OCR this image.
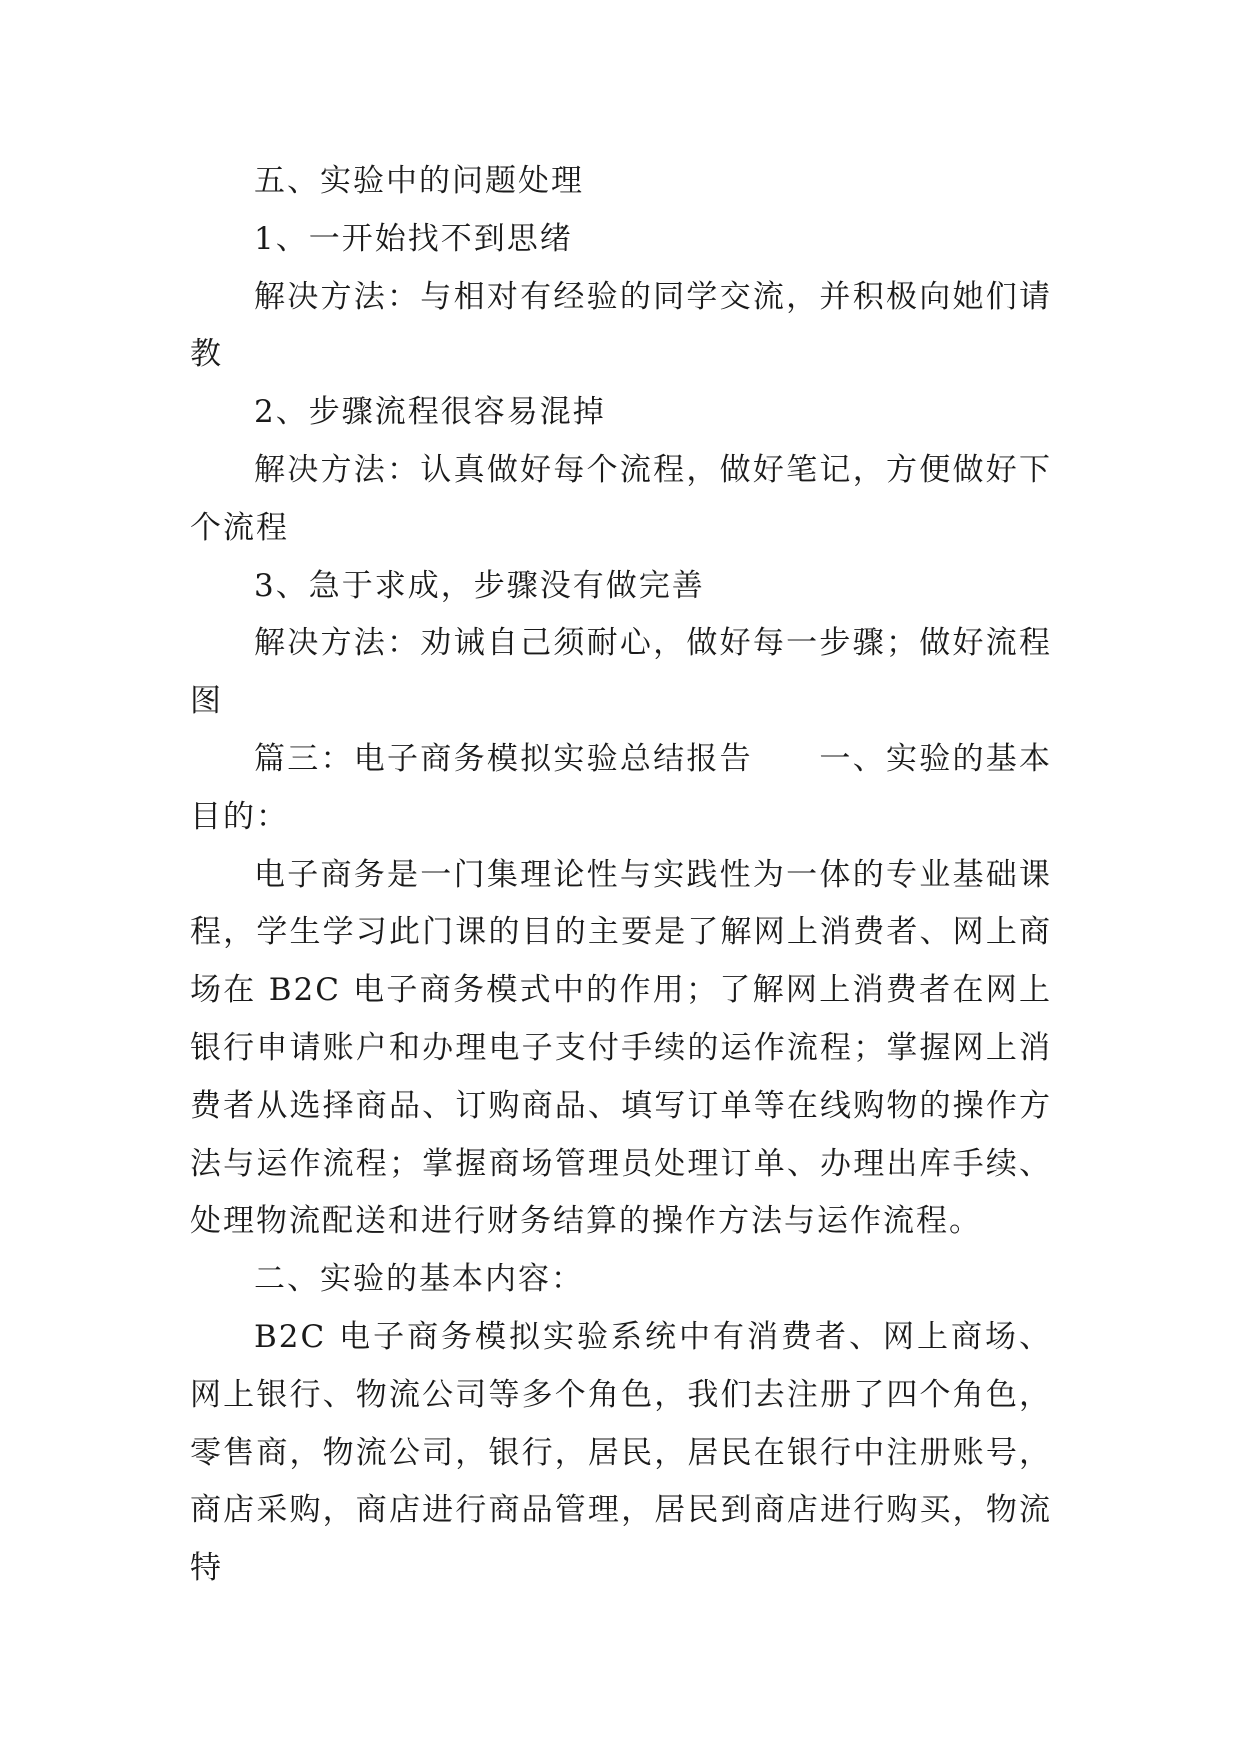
五、实验中的问题处理

1、一开始找不到思绪

解决方法：与相对有经验的同学交流，并积极向她们请教

2、步骤流程很容易混掉

解决方法：认真做好每个流程，做好笔记，方便做好下个流程

3、急于求成，步骤没有做完善

解决方法：劝诫自己须耐心，做好每一步骤；做好流程图

篇三：电子商务模拟实验总结报告　　一、实验的基本目的：

电子商务是一门集理论性与实践性为一体的专业基础课程，学生学习此门课的目的主要是了解网上消费者、网上商场在 B2C 电子商务模式中的作用；了解网上消费者在网上银行申请账户和办理电子支付手续的运作流程；掌握网上消费者从选择商品、订购商品、填写订单等在线购物的操作方法与运作流程；掌握商场管理员处理订单、办理出库手续、处理物流配送和进行财务结算的操作方法与运作流程。

二、实验的基本内容：

B2C 电子商务模拟实验系统中有消费者、网上商场、网上银行、物流公司等多个角色，我们去注册了四个角色，零售商，物流公司，银行，居民，居民在银行中注册账号，商店采购，商店进行商品管理，居民到商店进行购买，物流特
